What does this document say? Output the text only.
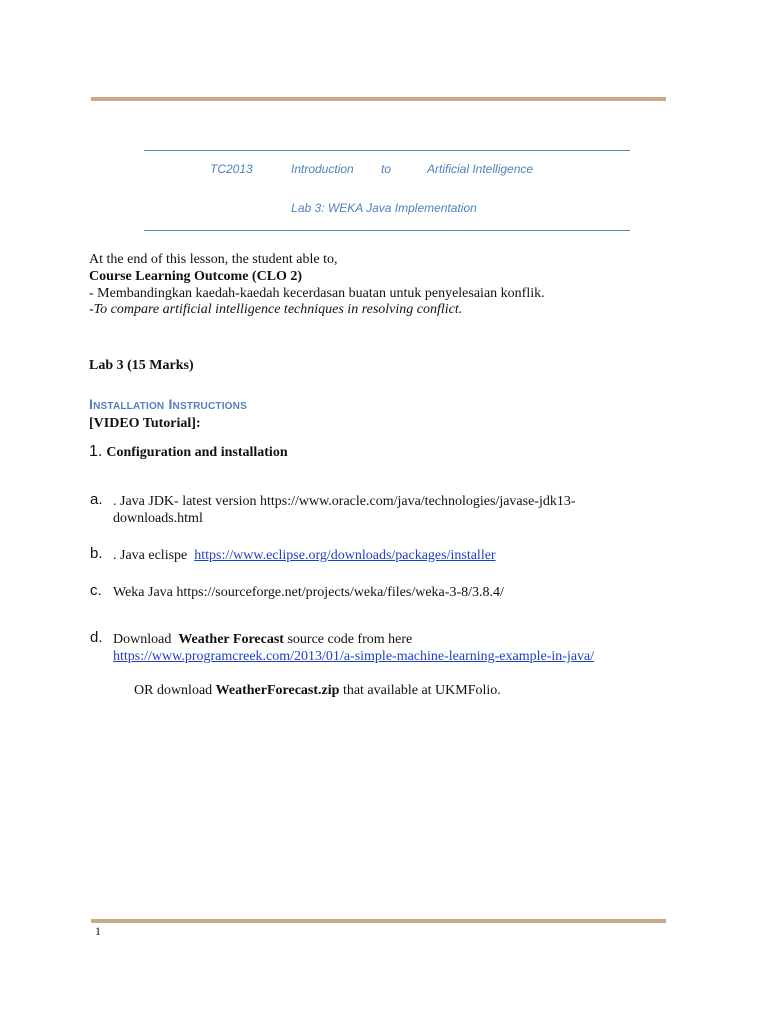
TC2013	Introduction to	Artificial Intelligence
Lab 3: WEKA Java Implementation
At the end of this lesson, the student able to,
Course Learning Outcome (CLO 2)
- Membandingkan kaedah-kaedah kecerdasan buatan untuk penyelesaian konflik.
-To compare artificial intelligence techniques in resolving conflict.
Lab 3 (15 Marks)
Installation Instructions
[VIDEO Tutorial]:
1. Configuration and installation
a. . Java JDK- latest version https://www.oracle.com/java/technologies/javase-jdk13-
downloads.html
b. . Java eclispe  https://www.eclipse.org/downloads/packages/installer
c. Weka Java https://sourceforge.net/projects/weka/files/weka-3-8/3.8.4/
d. Download  Weather Forecast source code from here
https://www.programcreek.com/2013/01/a-simple-machine-learning-example-in-java/
OR download WeatherForecast.zip that available at UKMFolio.
1
